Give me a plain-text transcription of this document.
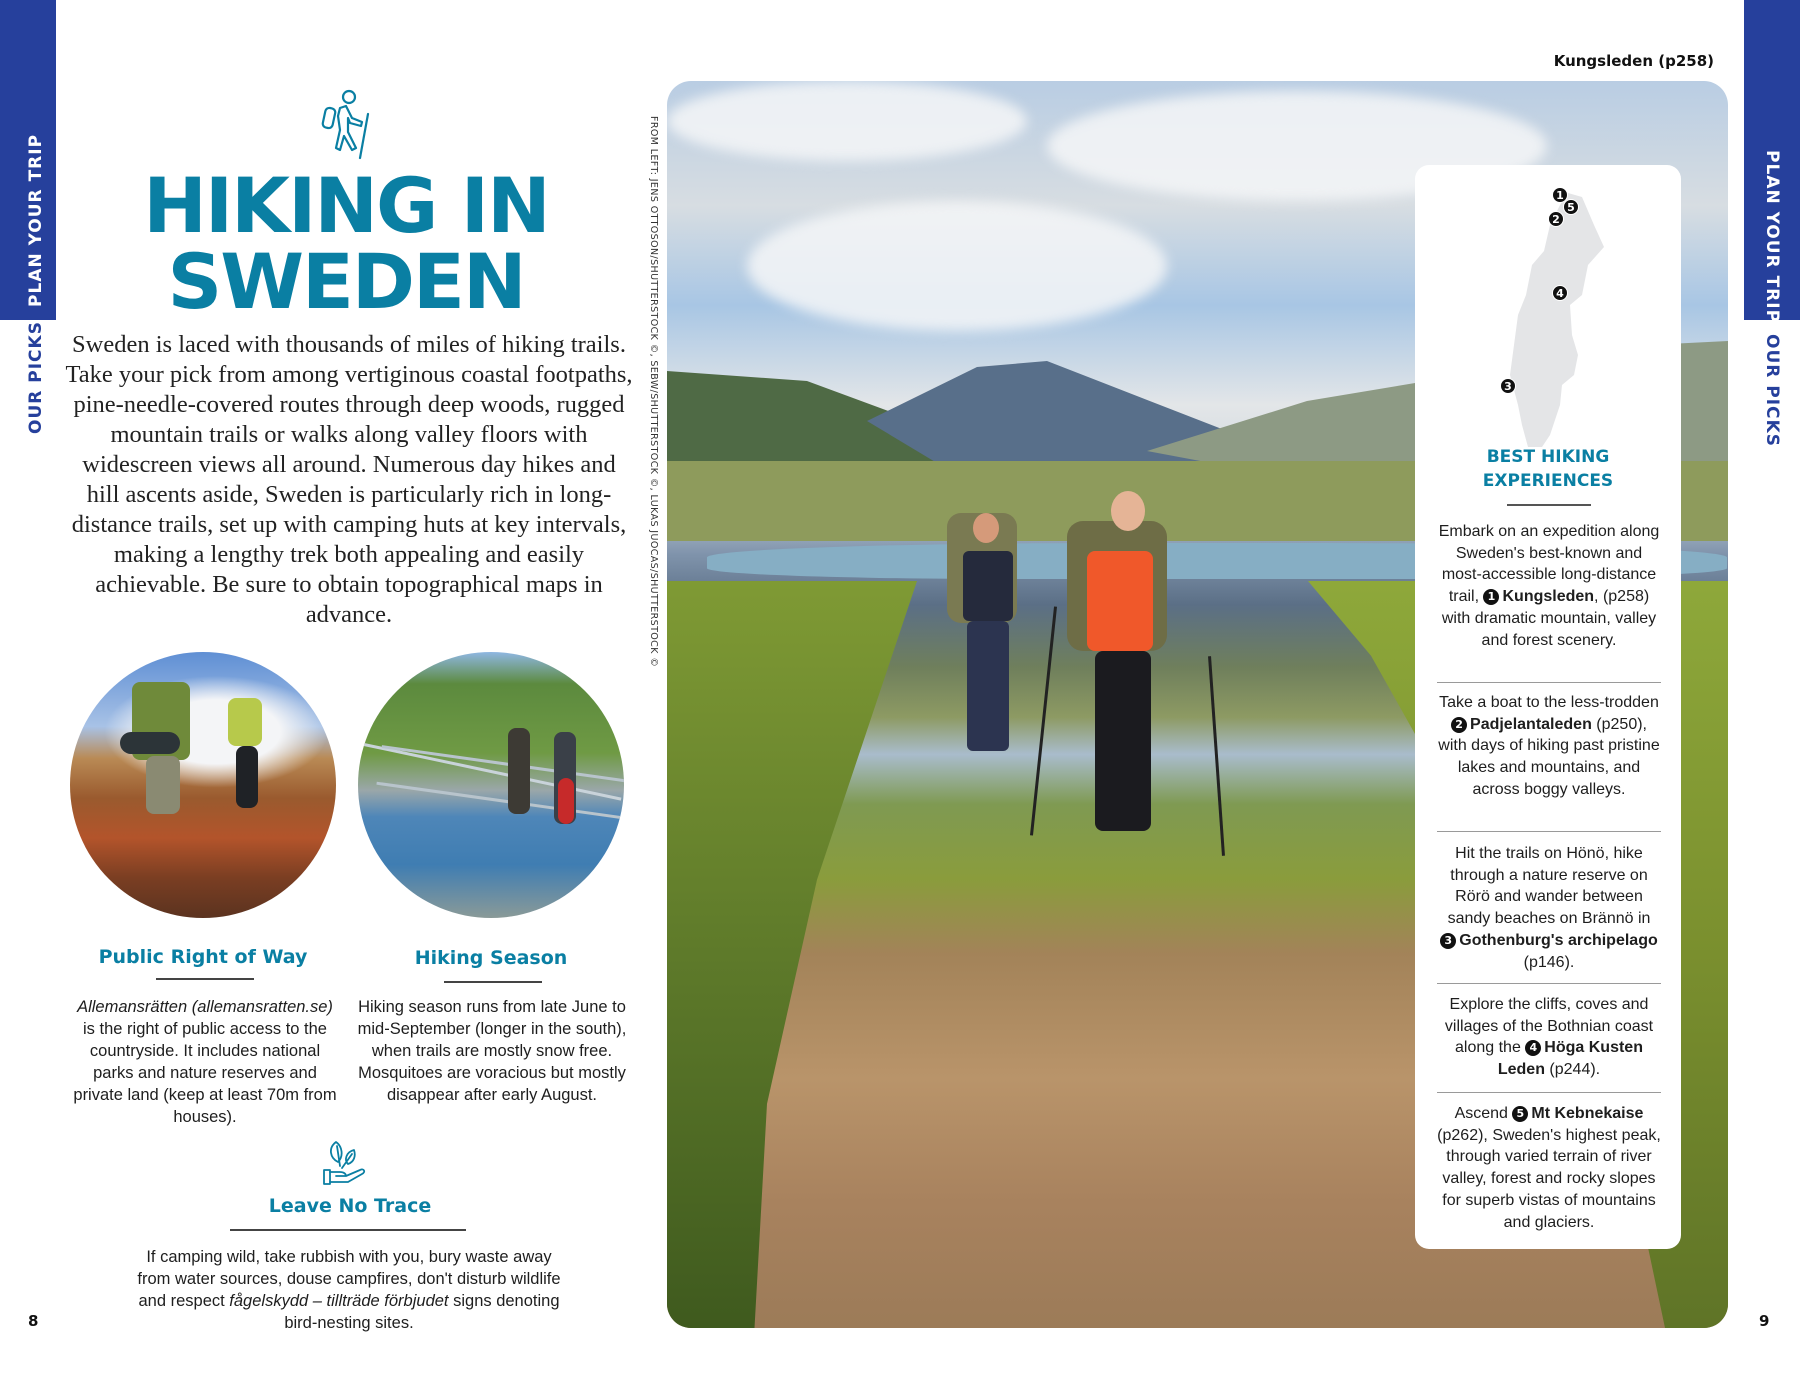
PLAN YOUR TRIP
OUR PICKS
PLAN YOUR TRIP
OUR PICKS
HIKING IN
SWEDEN

Sweden is laced with thousands of miles of hiking trails. Take your pick from among vertiginous coastal footpaths, pine-needle-covered routes through deep woods, rugged mountain trails or walks along valley floors with widescreen views all around. Numerous day hikes and hill ascents aside, Sweden is particularly rich in long-distance trails, set up with camping huts at key intervals, making a lengthy trek both appealing and easily achievable. Be sure to obtain topographical maps in advance.

Public Right of Way

Allemansrätten (allemansratten.se) is the right of public access to the countryside. It includes national parks and nature reserves and private land (keep at least 70m from houses).

Hiking Season

Hiking season runs from late June to mid-September (longer in the south), when trails are mostly snow free. Mosquitoes are voracious but mostly disappear after early August.

Leave No Trace

If camping wild, take rubbish with you, bury waste away from water sources, douse campfires, don't disturb wildlife and respect fågelskydd – tillträde förbjudet signs denoting bird-nesting sites.

8
FROM LEFT: JENS OTTOSON/SHUTTERSTOCK ©, SEBW/SHUTTERSTOCK ©, LUKAS JUOCAS/SHUTTERSTOCK ©
Kungsleden (p258)
1
5
2
4
3
BEST HIKING
EXPERIENCES

Embark on an expedition along Sweden's best-known and most-accessible long-distance trail, 1 Kungsleden, (p258) with dramatic mountain, valley and forest scenery.

Take a boat to the less-trodden 2 Padjelantaleden (p250), with days of hiking past pristine lakes and mountains, and across boggy valleys.

Hit the trails on Hönö, hike through a nature reserve on Rörö and wander between sandy beaches on Brännö in 3 Gothenburg's archipelago (p146).

Explore the cliffs, coves and villages of the Bothnian coast along the 4 Höga Kusten Leden (p244).

Ascend 5 Mt Kebnekaise (p262), Sweden's highest peak, through varied terrain of river valley, forest and rocky slopes for superb vistas of mountains and glaciers.

9
